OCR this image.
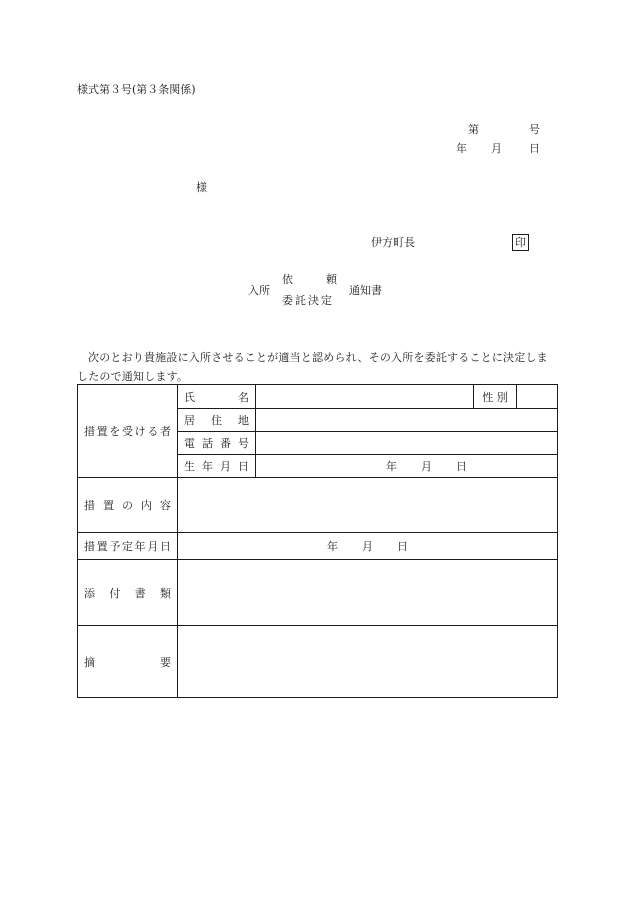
様式第３号(第３条関係)
第	号
年 月 日
様
伊方町長	印
入所
依	頼
委託決定
通知書
次のとおり貴施設に入所させることが適当と認められ、その入所を委託することに決定しましたので通知します。
措置を受ける者	氏　名		性 別	
	居 住 地			
	電 話 番 号			
	生 年 月 日	年 月 日		

措 置 の 内 容				
措置予定年月日	年 月 日			

添 付 書 類				
摘　要				
